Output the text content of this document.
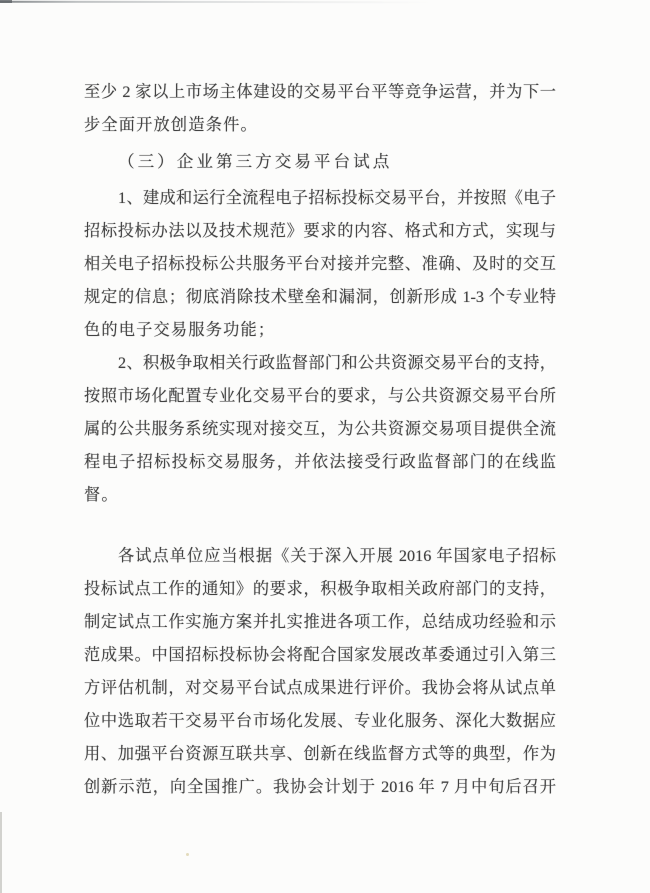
至少 2 家以上市场主体建设的交易平台平等竞争运营，并为下一
步全面开放创造条件。
（三）企业第三方交易平台试点
1、建成和运行全流程电子招标投标交易平台，并按照《电子
招标投标办法以及技术规范》要求的内容、格式和方式，实现与
相关电子招标投标公共服务平台对接并完整、准确、及时的交互
规定的信息；彻底消除技术壁垒和漏洞，创新形成 1-3 个专业特
色的电子交易服务功能；
2、积极争取相关行政监督部门和公共资源交易平台的支持，
按照市场化配置专业化交易平台的要求，与公共资源交易平台所
属的公共服务系统实现对接交互，为公共资源交易项目提供全流
程电子招标投标交易服务，并依法接受行政监督部门的在线监
督。
各试点单位应当根据《关于深入开展 2016 年国家电子招标
投标试点工作的通知》的要求，积极争取相关政府部门的支持，
制定试点工作实施方案并扎实推进各项工作，总结成功经验和示
范成果。中国招标投标协会将配合国家发展改革委通过引入第三
方评估机制，对交易平台试点成果进行评价。我协会将从试点单
位中选取若干交易平台市场化发展、专业化服务、深化大数据应
用、加强平台资源互联共享、创新在线监督方式等的典型，作为
创新示范，向全国推广。我协会计划于 2016 年 7 月中旬后召开
